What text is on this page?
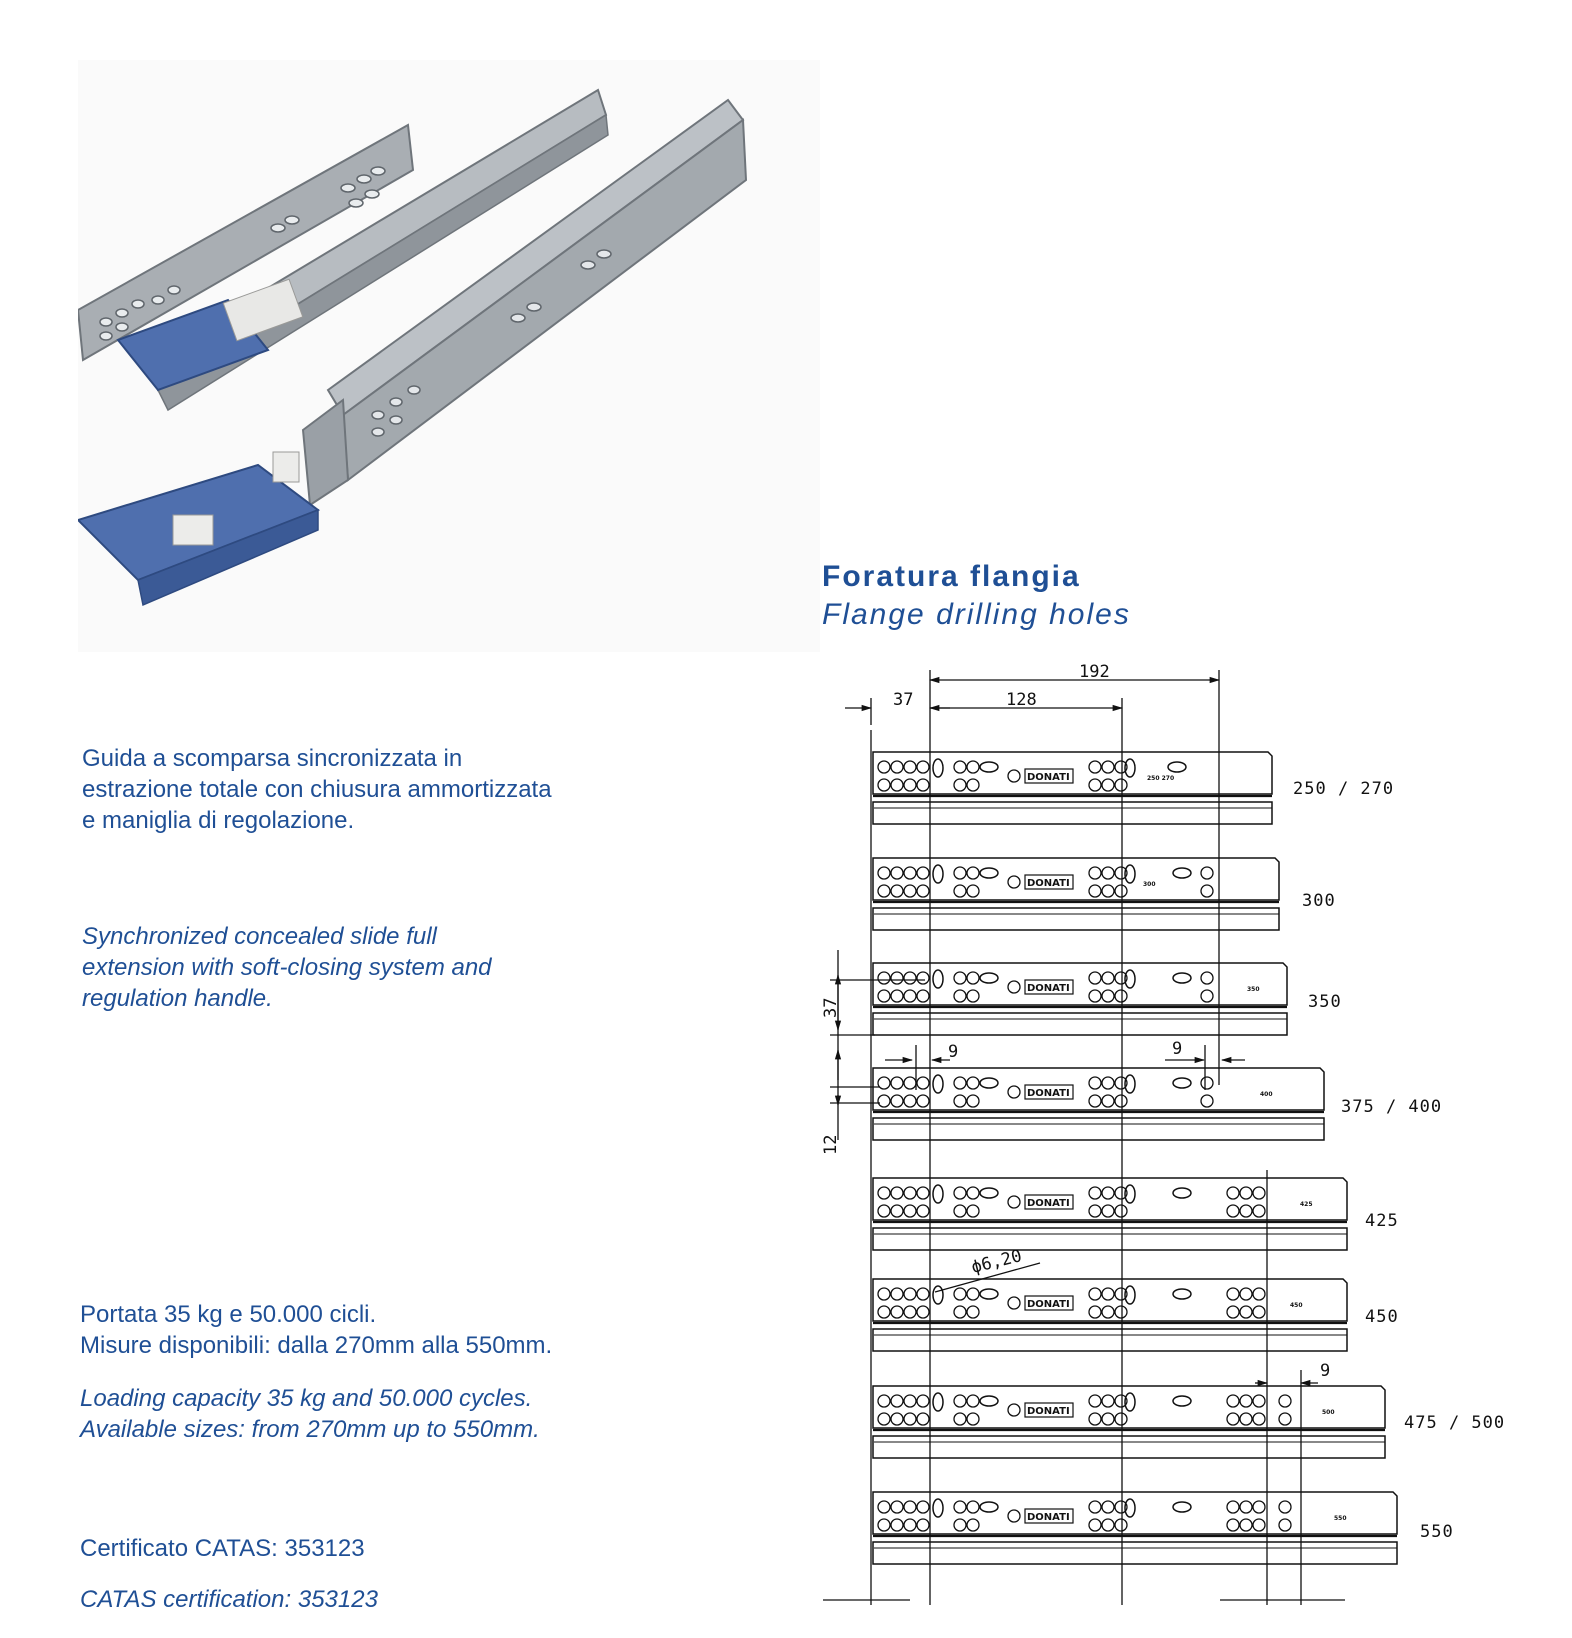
Guida a scomparsa sincronizzata in

estrazione totale con chiusura ammortizzata

e maniglia di regolazione.

Synchronized concealed slide full

extension with soft-closing system and

regulation handle.

Portata 35 kg e 50.000 cicli.

Misure disponibili: dalla 270mm alla 550mm.

Loading capacity 35 kg and 50.000 cycles.

Available sizes: from 270mm up to 550mm.

Certificato CATAS: 353123
CATAS certification: 353123
Foratura flangia
Flange drilling holes
DONATI	250 270
250 / 270
DONATI	300
300
DONATI	350
350
DONATI	400
375 / 400
DONATI	425
425
DONATI	450
450
DONATI	500
475 / 500
DONATI	550
550
192
37	128
37
12
9	9
9
ϕ6,20
